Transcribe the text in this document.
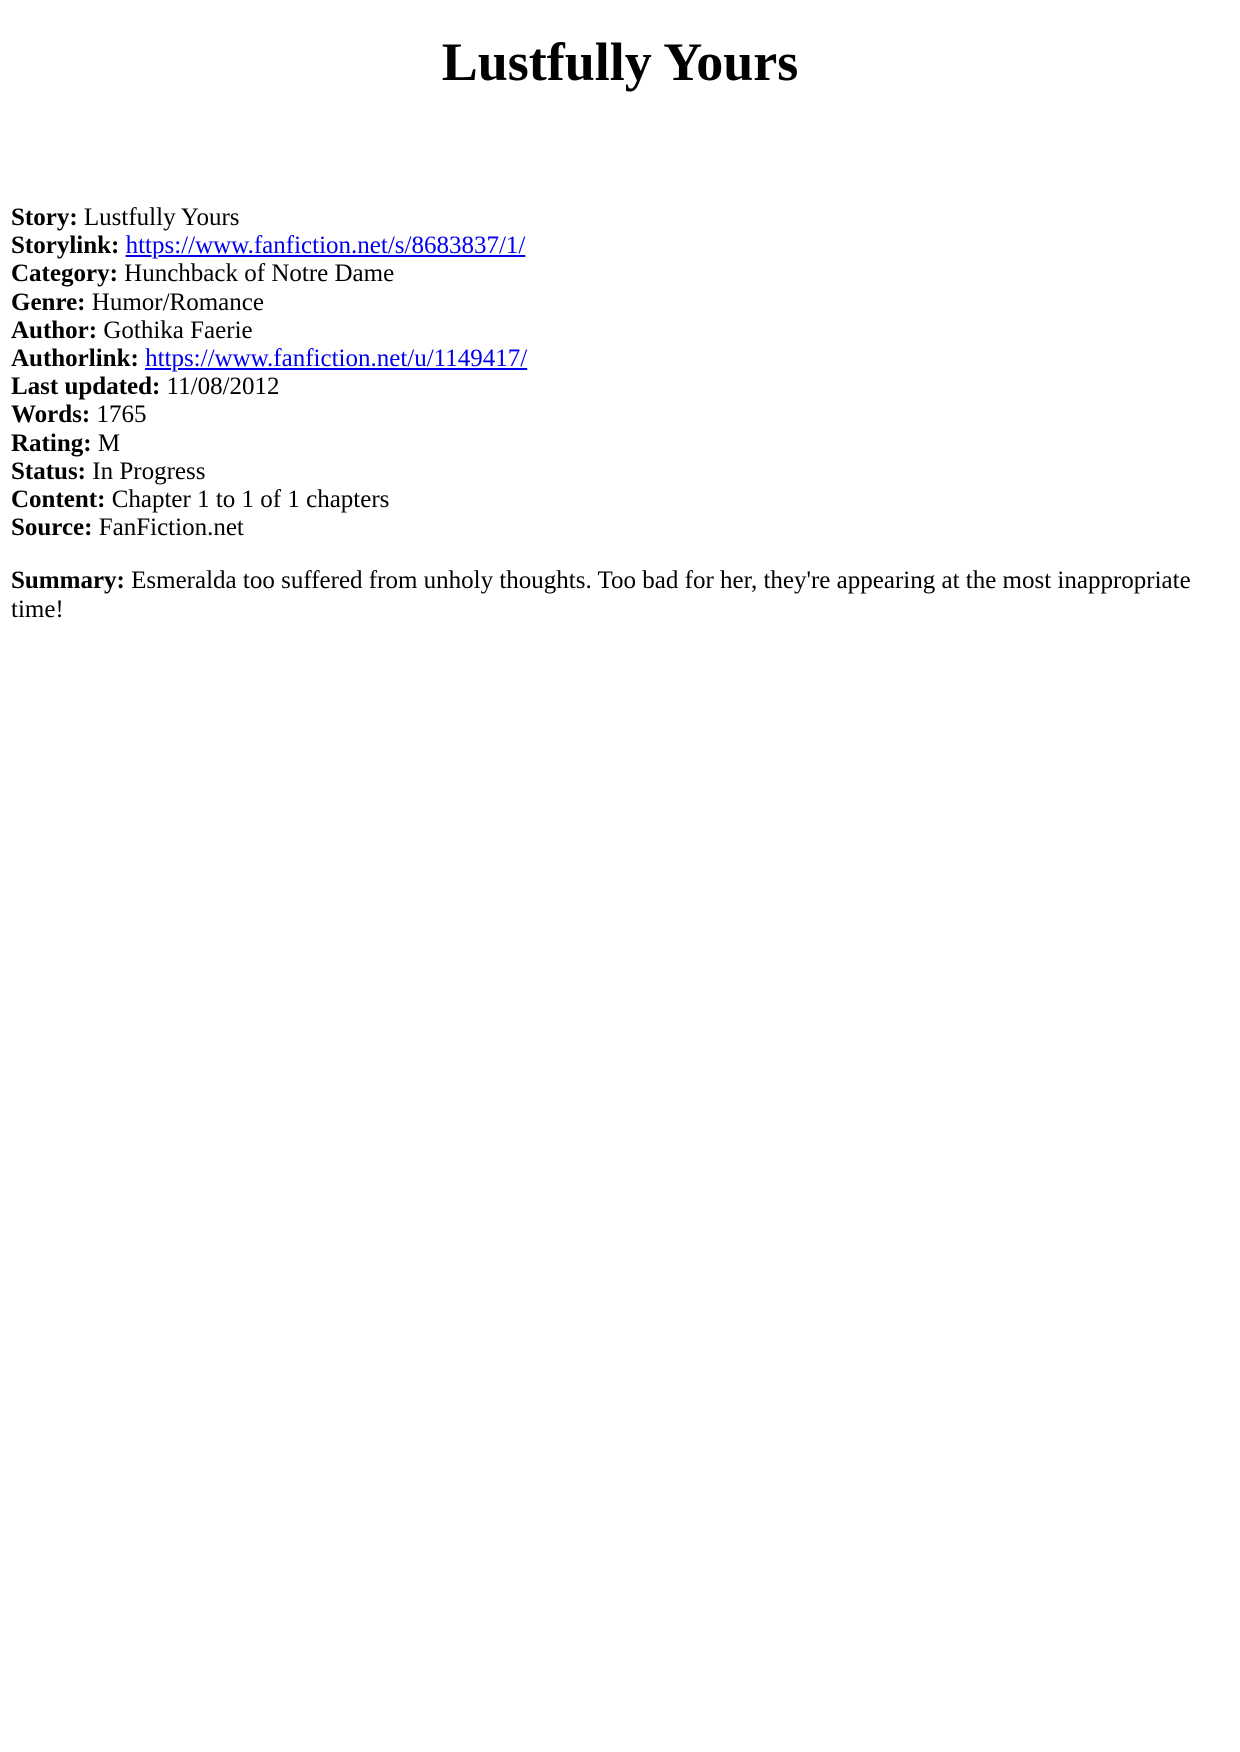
Lustfully Yours
Story: Lustfully Yours
Storylink: https://www.fanfiction.net/s/8683837/1/
Category: Hunchback of Notre Dame
Genre: Humor/Romance
Author: Gothika Faerie
Authorlink: https://www.fanfiction.net/u/1149417/
Last updated: 11/08/2012
Words: 1765
Rating: M
Status: In Progress
Content: Chapter 1 to 1 of 1 chapters
Source: FanFiction.net
Summary: Esmeralda too suffered from unholy thoughts. Too bad for her, they're appearing at the most inappropriate time!
